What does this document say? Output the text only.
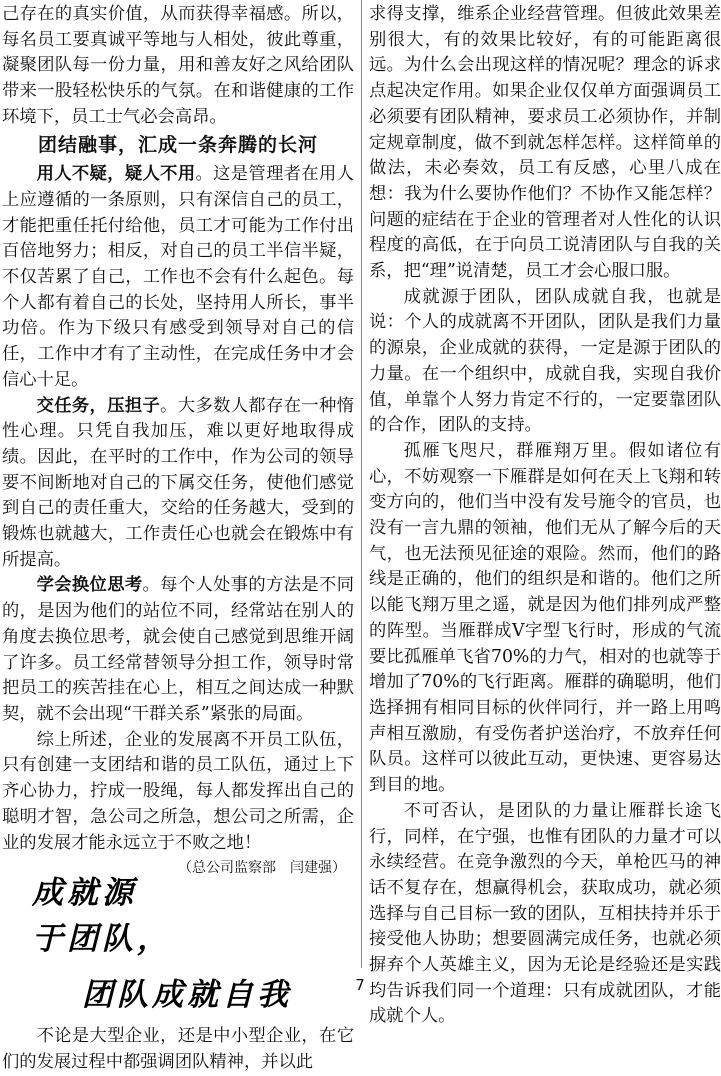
己存在的真实价值，从而获得幸福感。所以，每名员工要真诚平等地与人相处，彼此尊重，凝聚团队每一份力量，用和善友好之风给团队带来一股轻松快乐的气氛。在和谐健康的工作环境下，员工士气必会高昂。

团结融事，汇成一条奔腾的长河

用人不疑，疑人不用。这是管理者在用人上应遵循的一条原则，只有深信自己的员工，才能把重任托付给他，员工才可能为工作付出百倍地努力；相反，对自己的员工半信半疑，不仅苦累了自己，工作也不会有什么起色。每个人都有着自己的长处，坚持用人所长，事半功倍。作为下级只有感受到领导对自己的信任，工作中才有了主动性，在完成任务中才会信心十足。

交任务，压担子。大多数人都存在一种惰性心理。只凭自我加压，难以更好地取得成绩。因此，在平时的工作中，作为公司的领导要不间断地对自己的下属交任务，使他们感觉到自己的责任重大，交给的任务越大，受到的锻炼也就越大，工作责任心也就会在锻炼中有所提高。

学会换位思考。每个人处事的方法是不同的，是因为他们的站位不同，经常站在别人的角度去换位思考，就会使自己感觉到思维开阔了许多。员工经常替领导分担工作，领导时常把员工的疾苦挂在心上，相互之间达成一种默契，就不会出现“干群关系”紧张的局面。

综上所述，企业的发展离不开员工队伍，只有创建一支团结和谐的员工队伍，通过上下齐心协力，拧成一股绳，每人都发挥出自己的聪明才智，急公司之所急，想公司之所需，企业的发展才能永远立于不败之地！
（总公司监察部　闫建强）

成就源于团队，
团队成就自我

不论是大型企业，还是中小型企业，在它们的发展过程中都强调团队精神，并以此

求得支撑，维系企业经营管理。但彼此效果差别很大，有的效果比较好，有的可能距离很远。为什么会出现这样的情况呢？理念的诉求点起决定作用。如果企业仅仅单方面强调员工必须要有团队精神，要求员工必须协作，并制定规章制度，做不到就怎样怎样。这样简单的做法，未必奏效，员工有反感，心里八成在想：我为什么要协作他们？不协作又能怎样？问题的症结在于企业的管理者对人性化的认识程度的高低，在于向员工说清团队与自我的关系，把“理”说清楚，员工才会心服口服。

成就源于团队，团队成就自我，也就是说：个人的成就离不开团队，团队是我们力量的源泉，企业成就的获得，一定是源于团队的力量。在一个组织中，成就自我，实现自我价值，单靠个人努力肯定不行的，一定要靠团队的合作，团队的支持。

孤雁飞咫尺，群雁翔万里。假如诸位有心，不妨观察一下雁群是如何在天上飞翔和转变方向的，他们当中没有发号施令的官员，也没有一言九鼎的领袖，他们无从了解今后的天气，也无法预见征途的艰险。然而，他们的路线是正确的，他们的组织是和谐的。他们之所以能飞翔万里之遥，就是因为他们排列成严整的阵型。当雁群成V字型飞行时，形成的气流要比孤雁单飞省70%的力气，相对的也就等于增加了70%的飞行距离。雁群的确聪明，他们选择拥有相同目标的伙伴同行，并一路上用鸣声相互激励，有受伤者护送治疗，不放弃任何队员。这样可以彼此互动，更快速、更容易达到目的地。

不可否认，是团队的力量让雁群长途飞行，同样，在宁强，也惟有团队的力量才可以永续经营。在竞争激烈的今天，单枪匹马的神话不复存在，想赢得机会，获取成功，就必须选择与自己目标一致的团队，互相扶持并乐于接受他人协助；想要圆满完成任务，也就必须摒弃个人英雄主义，因为无论是经验还是实践均告诉我们同一个道理：只有成就团队，才能成就个人。

7
